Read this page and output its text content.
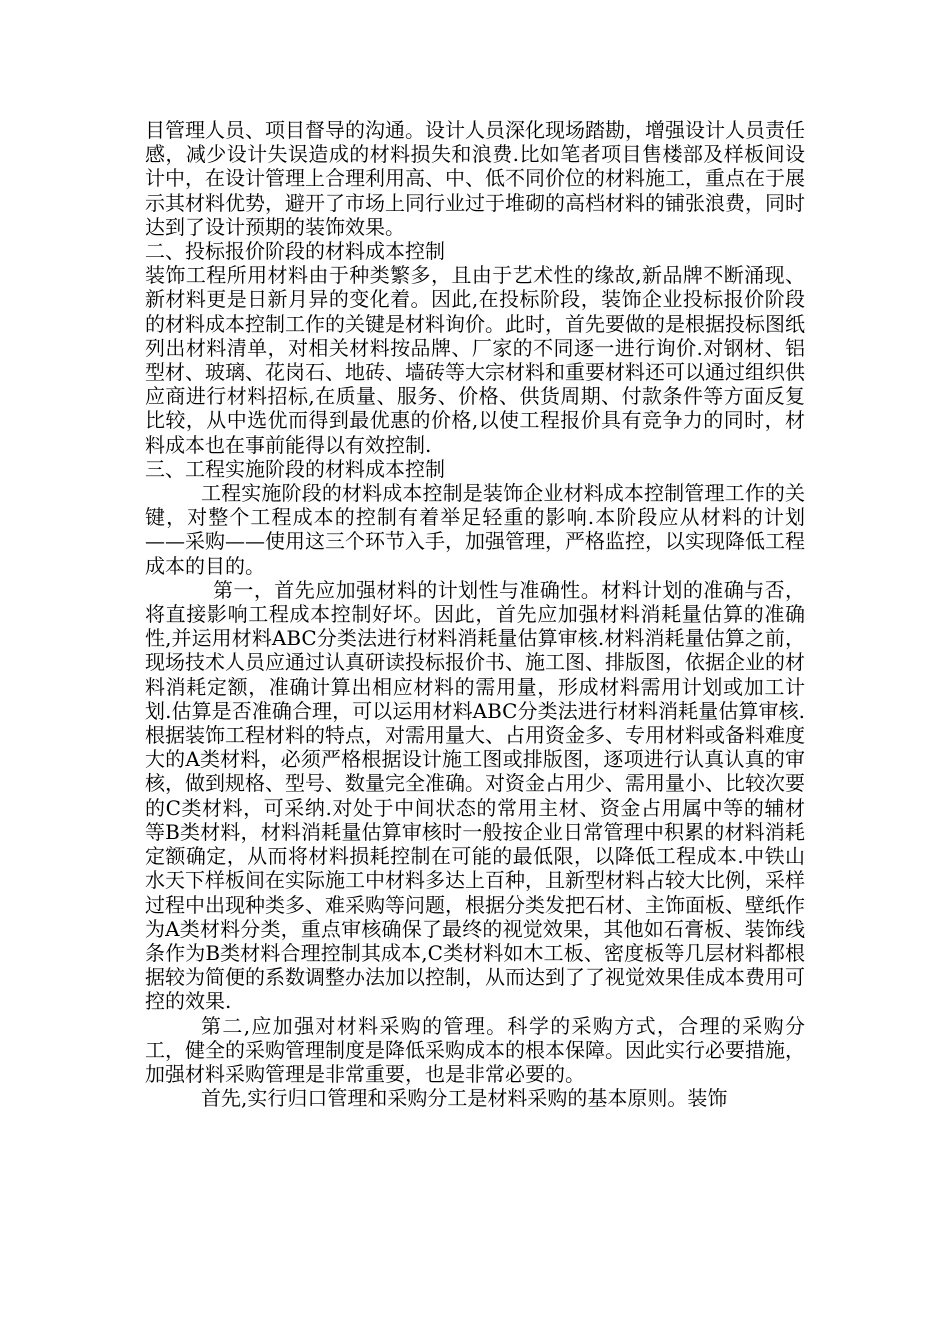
目管理人员、项目督导的沟通。设计人员深化现场踏勘，增强设计人员责任感，减少设计失误造成的材料损失和浪费.比如笔者项目售楼部及样板间设计中，在设计管理上合理利用高、中、低不同价位的材料施工，重点在于展示其材料优势，避开了市场上同行业过于堆砌的高档材料的铺张浪费，同时达到了设计预期的装饰效果。

二、投标报价阶段的材料成本控制

装饰工程所用材料由于种类繁多，且由于艺术性的缘故,新品牌不断涌现、新材料更是日新月异的变化着。因此,在投标阶段，装饰企业投标报价阶段的材料成本控制工作的关键是材料询价。此时，首先要做的是根据投标图纸列出材料清单，对相关材料按品牌、厂家的不同逐一进行询价.对钢材、铝型材、玻璃、花岗石、地砖、墙砖等大宗材料和重要材料还可以通过组织供应商进行材料招标,在质量、服务、价格、供货周期、付款条件等方面反复比较，从中选优而得到最优惠的价格,以使工程报价具有竞争力的同时，材料成本也在事前能得以有效控制.

三、工程实施阶段的材料成本控制

工程实施阶段的材料成本控制是装饰企业材料成本控制管理工作的关键，对整个工程成本的控制有着举足轻重的影响.本阶段应从材料的计划——采购——使用这三个环节入手，加强管理，严格监控，以实现降低工程成本的目的。

第一，首先应加强材料的计划性与准确性。材料计划的准确与否，将直接影响工程成本控制好坏。因此，首先应加强材料消耗量估算的准确性,并运用材料ABC分类法进行材料消耗量估算审核.材料消耗量估算之前，现场技术人员应通过认真研读投标报价书、施工图、排版图，依据企业的材料消耗定额，准确计算出相应材料的需用量，形成材料需用计划或加工计划.估算是否准确合理，可以运用材料ABC分类法进行材料消耗量估算审核.根据装饰工程材料的特点，对需用量大、占用资金多、专用材料或备料难度大的A类材料，必须严格根据设计施工图或排版图，逐项进行认真认真的审核，做到规格、型号、数量完全准确。对资金占用少、需用量小、比较次要的C类材料，可采纳.对处于中间状态的常用主材、资金占用属中等的辅材等B类材料，材料消耗量估算审核时一般按企业日常管理中积累的材料消耗定额确定，从而将材料损耗控制在可能的最低限，以降低工程成本.中铁山水天下样板间在实际施工中材料多达上百种，且新型材料占较大比例，采样过程中出现种类多、难采购等问题，根据分类发把石材、主饰面板、壁纸作为A类材料分类，重点审核确保了最终的视觉效果，其他如石膏板、装饰线条作为B类材料合理控制其成本,C类材料如木工板、密度板等几层材料都根据较为简便的系数调整办法加以控制，从而达到了了视觉效果佳成本费用可控的效果.

第二,应加强对材料采购的管理。科学的采购方式，合理的采购分工，健全的采购管理制度是降低采购成本的根本保障。因此实行必要措施，加强材料采购管理是非常重要，也是非常必要的。

首先,实行归口管理和采购分工是材料采购的基本原则。装饰
